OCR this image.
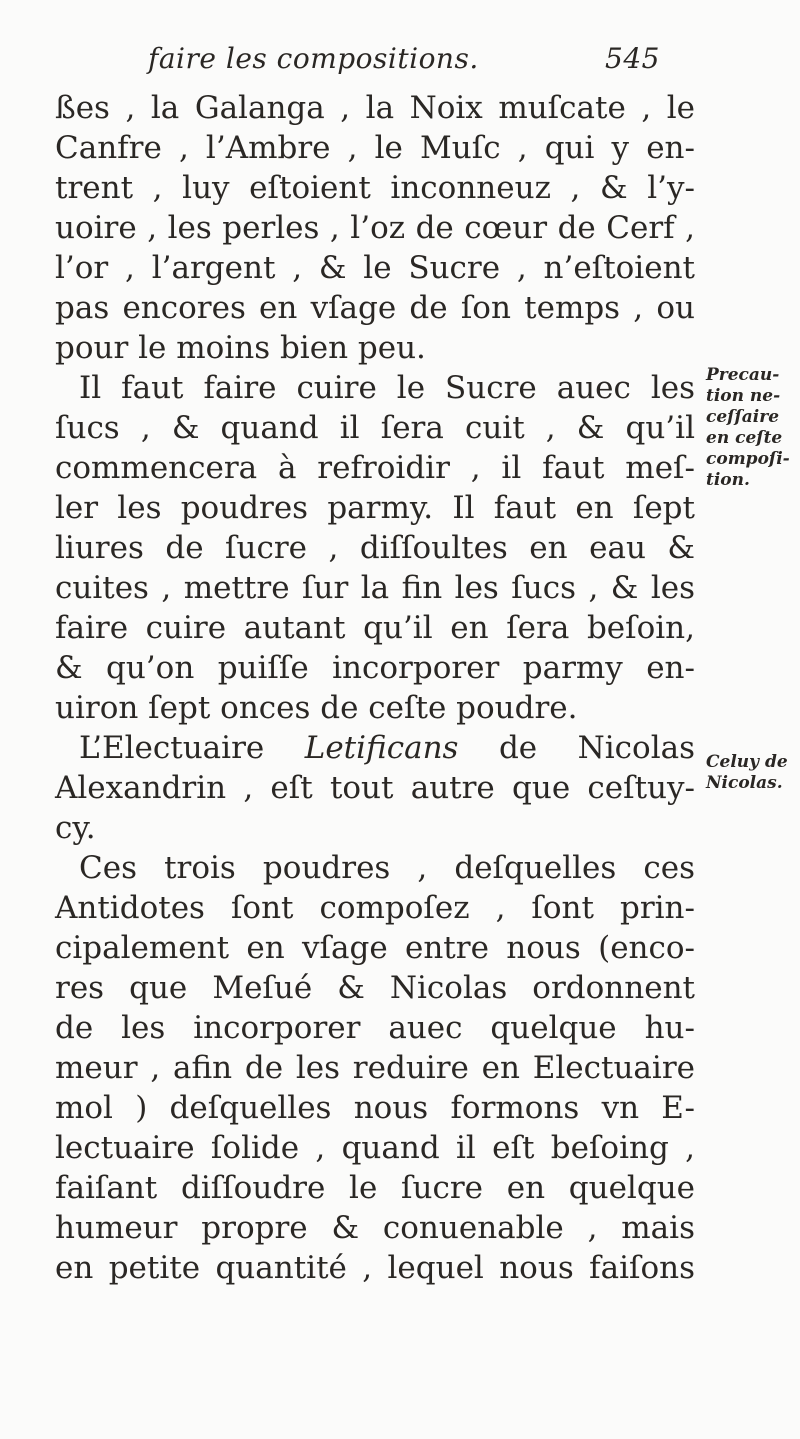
faire les compositions.	545
ßes , la Galanga , la Noix muſcate , le
Canfre , l’Ambre , le Muſc , qui y en-
trent , luy eſtoient inconneuz , & l’y-
uoire , les perles , l’oz de cœur de Cerf ,
l’or , l’argent , & le Sucre , n’eſtoient
pas encores en vſage de ſon temps , ou
pour le moins bien peu.
Il faut faire cuire le Sucre auec les
ſucs , & quand il ſera cuit , & qu’il
commencera à refroidir , il faut meſ-
ler les poudres parmy. Il faut en ſept
liures de ſucre , diſſoultes en eau &
cuites , mettre ſur la fin les ſucs , & les
faire cuire autant qu’il en ſera beſoin,
& qu’on puiſſe incorporer parmy en-
uiron ſept onces de ceſte poudre.
L’Electuaire Letificans de Nicolas
Alexandrin , eſt tout autre que ceſtuy-
cy.
Ces trois poudres , deſquelles ces
Antidotes ſont compoſez , ſont prin-
cipalement en vſage entre nous (enco-
res que Meſué & Nicolas ordonnent
de les incorporer auec quelque hu-
meur , afin de les reduire en Electuaire
mol ) deſquelles nous formons vn E-
lectuaire ſolide , quand il eſt beſoing ,
faiſant diſſoudre le ſucre en quelque
humeur propre & conuenable , mais
en petite quantité , lequel nous faiſons
Precau-
tion ne-
ceſſaire
en ceſte
compoſi-
tion.
Celuy de
Nicolas.
